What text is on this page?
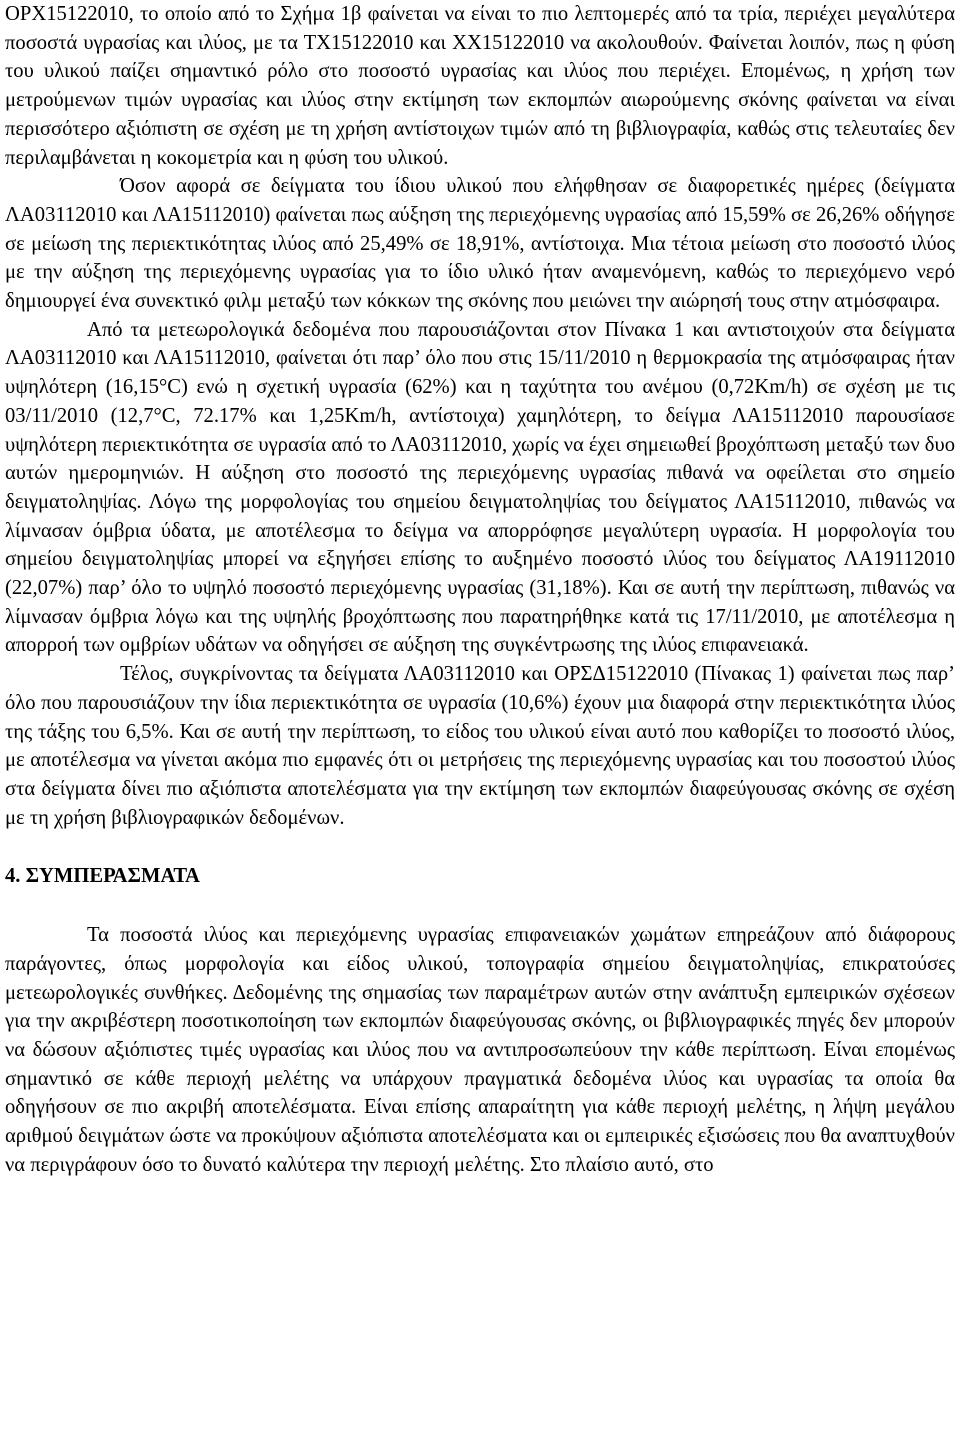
ΟΡΧ15122010, το οποίο από το Σχήμα 1β φαίνεται να είναι το πιο λεπτομερές από τα τρία, περιέχει μεγαλύτερα ποσοστά υγρασίας και ιλύος, με τα ΤΧ15122010 και ΧΧ15122010 να ακολουθούν. Φαίνεται λοιπόν, πως η φύση του υλικού παίζει σημαντικό ρόλο στο ποσοστό υγρασίας και ιλύος που περιέχει. Επομένως, η χρήση των μετρούμενων τιμών υγρασίας και ιλύος στην εκτίμηση των εκπομπών αιωρούμενης σκόνης φαίνεται να είναι περισσότερο αξιόπιστη σε σχέση με τη χρήση αντίστοιχων τιμών από τη βιβλιογραφία, καθώς στις τελευταίες δεν περιλαμβάνεται η κοκομετρία και η φύση του υλικού.

Όσον αφορά σε δείγματα του ίδιου υλικού που ελήφθησαν σε διαφορετικές ημέρες (δείγματα ΛΑ03112010 και ΛΑ15112010) φαίνεται πως αύξηση της περιεχόμενης υγρασίας από 15,59% σε 26,26% οδήγησε σε μείωση της περιεκτικότητας ιλύος από 25,49% σε 18,91%, αντίστοιχα. Μια τέτοια μείωση στο ποσοστό ιλύος με την αύξηση της περιεχόμενης υγρασίας για το ίδιο υλικό ήταν αναμενόμενη, καθώς το περιεχόμενο νερό δημιουργεί ένα συνεκτικό φιλμ μεταξύ των κόκκων της σκόνης που μειώνει την αιώρησή τους στην ατμόσφαιρα.

Από τα μετεωρολογικά δεδομένα που παρουσιάζονται στον Πίνακα 1 και αντιστοιχούν στα δείγματα ΛΑ03112010 και ΛΑ15112010, φαίνεται ότι παρ’ όλο που στις 15/11/2010 η θερμοκρασία της ατμόσφαιρας ήταν υψηλότερη (16,15°C) ενώ η σχετική υγρασία (62%) και η ταχύτητα του ανέμου (0,72Km/h) σε σχέση με τις 03/11/2010 (12,7°C, 72.17% και 1,25Km/h, αντίστοιχα) χαμηλότερη, το δείγμα ΛΑ15112010 παρουσίασε υψηλότερη περιεκτικότητα σε υγρασία από το ΛΑ03112010, χωρίς να έχει σημειωθεί βροχόπτωση μεταξύ των δυο αυτών ημερομηνιών. Η αύξηση στο ποσοστό της περιεχόμενης υγρασίας πιθανά να οφείλεται στο σημείο δειγματοληψίας. Λόγω της μορφολογίας του σημείου δειγματοληψίας του δείγματος ΛΑ15112010, πιθανώς να λίμνασαν όμβρια ύδατα, με αποτέλεσμα το δείγμα να απορρόφησε μεγαλύτερη υγρασία. Η μορφολογία του σημείου δειγματοληψίας μπορεί να εξηγήσει επίσης το αυξημένο ποσοστό ιλύος του δείγματος ΛΑ19112010 (22,07%) παρ’ όλο το υψηλό ποσοστό περιεχόμενης υγρασίας (31,18%). Και σε αυτή την περίπτωση, πιθανώς να λίμνασαν όμβρια λόγω και της υψηλής βροχόπτωσης που παρατηρήθηκε κατά τις 17/11/2010, με αποτέλεσμα η απορροή των ομβρίων υδάτων να οδηγήσει σε αύξηση της συγκέντρωσης της ιλύος επιφανειακά.

Τέλος, συγκρίνοντας τα δείγματα ΛΑ03112010 και ΟΡΣΔ15122010 (Πίνακας 1) φαίνεται πως παρ’ όλο που παρουσιάζουν την ίδια περιεκτικότητα σε υγρασία (10,6%) έχουν μια διαφορά στην περιεκτικότητα ιλύος της τάξης του 6,5%. Και σε αυτή την περίπτωση, το είδος του υλικού είναι αυτό που καθορίζει το ποσοστό ιλύος, με αποτέλεσμα να γίνεται ακόμα πιο εμφανές ότι οι μετρήσεις της περιεχόμενης υγρασίας και του ποσοστού ιλύος στα δείγματα δίνει πιο αξιόπιστα αποτελέσματα για την εκτίμηση των εκπομπών διαφεύγουσας σκόνης σε σχέση με τη χρήση βιβλιογραφικών δεδομένων.

4. ΣΥΜΠΕΡΑΣΜΑΤΑ

Τα ποσοστά ιλύος και περιεχόμενης υγρασίας επιφανειακών χωμάτων επηρεάζουν από διάφορους παράγοντες, όπως μορφολογία και είδος υλικού, τοπογραφία σημείου δειγματοληψίας, επικρατούσες μετεωρολογικές συνθήκες. Δεδομένης της σημασίας των παραμέτρων αυτών στην ανάπτυξη εμπειρικών σχέσεων για την ακριβέστερη ποσοτικοποίηση των εκπομπών διαφεύγουσας σκόνης, οι βιβλιογραφικές πηγές δεν μπορούν να δώσουν αξιόπιστες τιμές υγρασίας και ιλύος που να αντιπροσωπεύουν την κάθε περίπτωση. Είναι επομένως σημαντικό σε κάθε περιοχή μελέτης να υπάρχουν πραγματικά δεδομένα ιλύος και υγρασίας τα οποία θα οδηγήσουν σε πιο ακριβή αποτελέσματα. Είναι επίσης απαραίτητη για κάθε περιοχή μελέτης, η λήψη μεγάλου αριθμού δειγμάτων ώστε να προκύψουν αξιόπιστα αποτελέσματα και οι εμπειρικές εξισώσεις που θα αναπτυχθούν να περιγράφουν όσο το δυνατό καλύτερα την περιοχή μελέτης. Στο πλαίσιο αυτό, στο
